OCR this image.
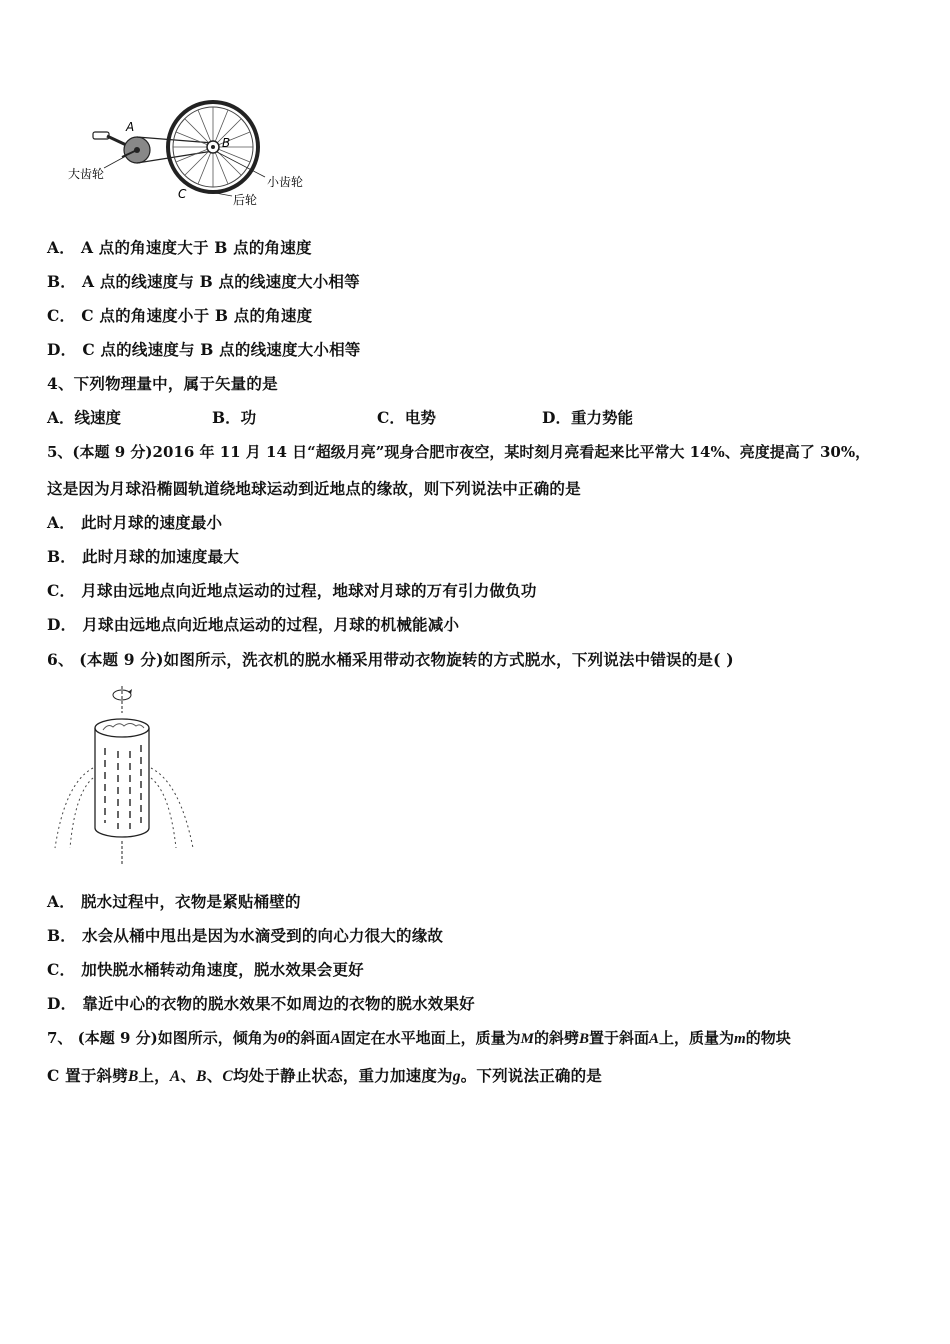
A
B
C
大齿轮
小齿轮
后轮
A． A 点的角速度大于 B 点的角速度
B． A 点的线速度与 B 点的线速度大小相等
C． C 点的角速度小于 B 点的角速度
D． C 点的线速度与 B 点的线速度大小相等
4、下列物理量中，属于矢量的是
A．线速度	B．功	C．电势	D．重力势能
5、(本题 9 分)2016 年 11 月 14 日“超级月亮”现身合肥市夜空，某时刻月亮看起来比平常大 14%、亮度提高了 30%，
这是因为月球沿椭圆轨道绕地球运动到近地点的缘故，则下列说法中正确的是
A． 此时月球的速度最小
B． 此时月球的加速度最大
C． 月球由远地点向近地点运动的过程，地球对月球的万有引力做负功
D． 月球由远地点向近地点运动的过程，月球的机械能减小
6、 (本题 9 分)如图所示，洗衣机的脱水桶采用带动衣物旋转的方式脱水，下列说法中错误的是( )
A． 脱水过程中，衣物是紧贴桶壁的
B． 水会从桶中甩出是因为水滴受到的向心力很大的缘故
C． 加快脱水桶转动角速度，脱水效果会更好
D． 靠近中心的衣物的脱水效果不如周边的衣物的脱水效果好
7、 (本题 9 分)如图所示，倾角为θ的斜面A固定在水平地面上，质量为M的斜劈B置于斜面A上，质量为m的物块
C 置于斜劈B上，A、B、C均处于静止状态，重力加速度为g。下列说法正确的是
